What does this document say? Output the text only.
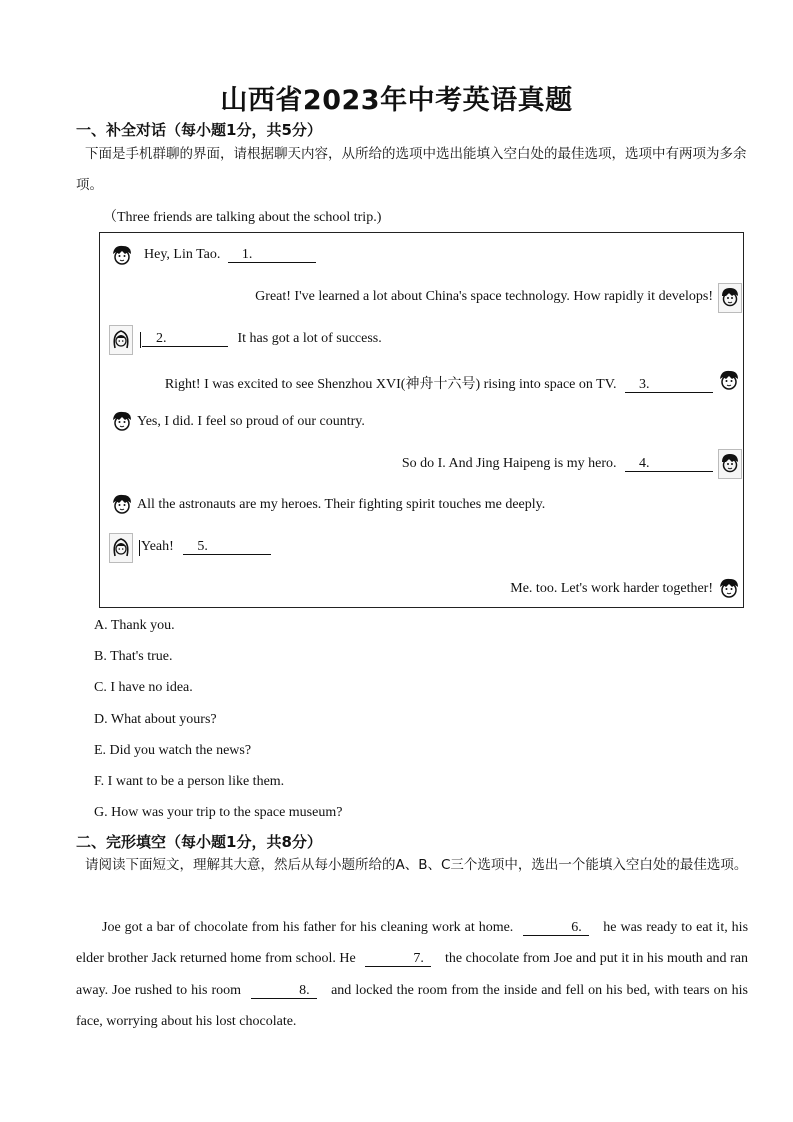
山西省2023年中考英语真题
一、补全对话（每小题1分，共5分）
下面是手机群聊的界面，请根据聊天内容，从所给的选项中选出能填入空白处的最佳选项，选项中有两项为多余项。
（Three friends are talking about the school trip.)
Hey, Lin Tao. 1.
Great! I've learned a lot about China's space technology. How rapidly it develops!
2.	It has got a lot of success.
Right! I was excited to see Shenzhou XVI(神舟十六号) rising into space on TV. 3.
Yes, I did. I feel so proud of our country.
So do I. And Jing Haipeng is my hero. 4.
All the astronauts are my heroes. Their fighting spirit touches me deeply.
Yeah! 5.
Me. too. Let's work harder together!
A. Thank you.
B. That's true.
C. I have no idea.
D. What about yours?
E. Did you watch the news?
F. I want to be a person like them.
G. How was your trip to the space museum?
二、完形填空（每小题1分，共8分）
请阅读下面短文，理解其大意，然后从每小题所给的A、B、C三个选项中，选出一个能填入空白处的最佳选项。
Joe got a bar of chocolate from his father for his cleaning work at home.	6. he was ready to eat it, his elder brother Jack returned home from school. He	7. the chocolate from Joe and put it in his mouth and ran away. Joe rushed to his room	8. and locked the room from the inside and fell on his bed, with tears on his face, worrying about his lost chocolate.
